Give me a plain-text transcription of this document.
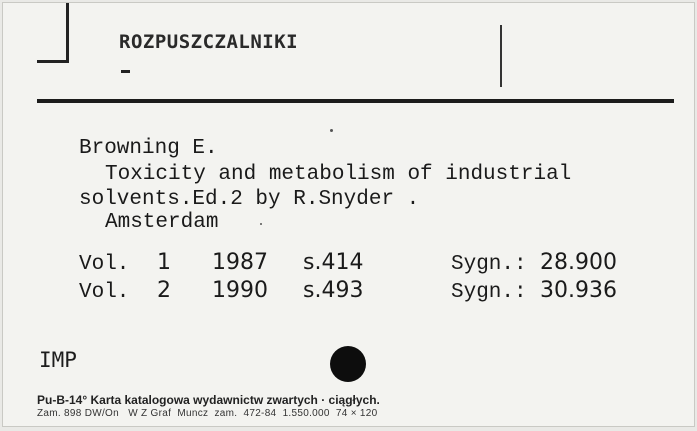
ROZPUSZCZALNIKI
Browning E.
Toxicity and metabolism of industrial
solvents.Ed.2 by R.Snyder .
Amsterdam
Vol. 1 1987 s.414	Sygn.: 28.900
Vol. 2 1990 s.493	Sygn.: 30.936
IMP
Pu-B-14° Karta katalogowa wydawnictw zwartych · ciągłych.
Zam. 898 DW/On   W Z Graf  Muncz  zam.  472-84  1.550.000  74 × 120
